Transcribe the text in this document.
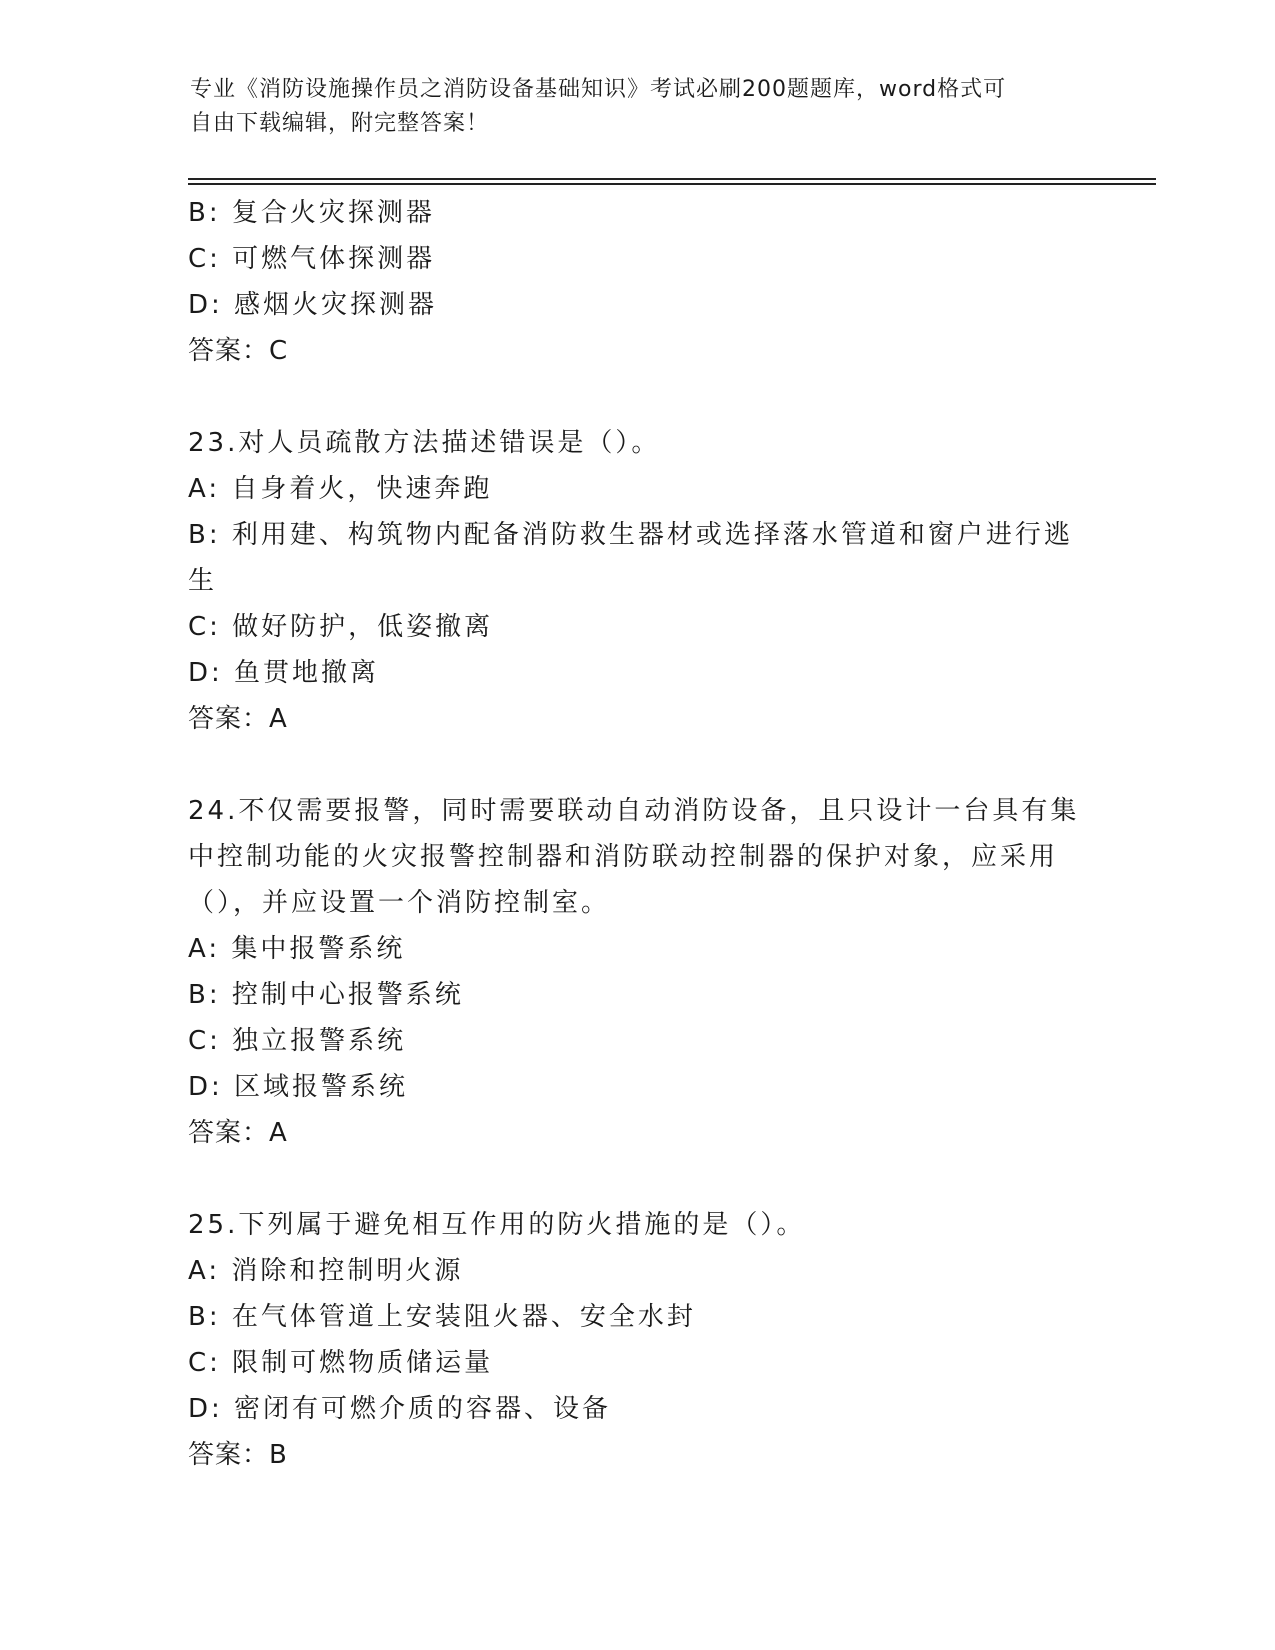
专业《消防设施操作员之消防设备基础知识》考试必刷200题题库，word格式可
自由下载编辑，附完整答案！
B: 复合火灾探测器
C: 可燃气体探测器
D: 感烟火灾探测器
答案：C
23.对人员疏散方法描述错误是（）。
A: 自身着火，快速奔跑
B: 利用建、构筑物内配备消防救生器材或选择落水管道和窗户进行逃
生
C: 做好防护，低姿撤离
D: 鱼贯地撤离
答案：A
24.不仅需要报警，同时需要联动自动消防设备，且只设计一台具有集
中控制功能的火灾报警控制器和消防联动控制器的保护对象，应采用
（），并应设置一个消防控制室。
A: 集中报警系统
B: 控制中心报警系统
C: 独立报警系统
D: 区域报警系统
答案：A
25.下列属于避免相互作用的防火措施的是（）。
A: 消除和控制明火源
B: 在气体管道上安装阻火器、安全水封
C: 限制可燃物质储运量
D: 密闭有可燃介质的容器、设备
答案：B
